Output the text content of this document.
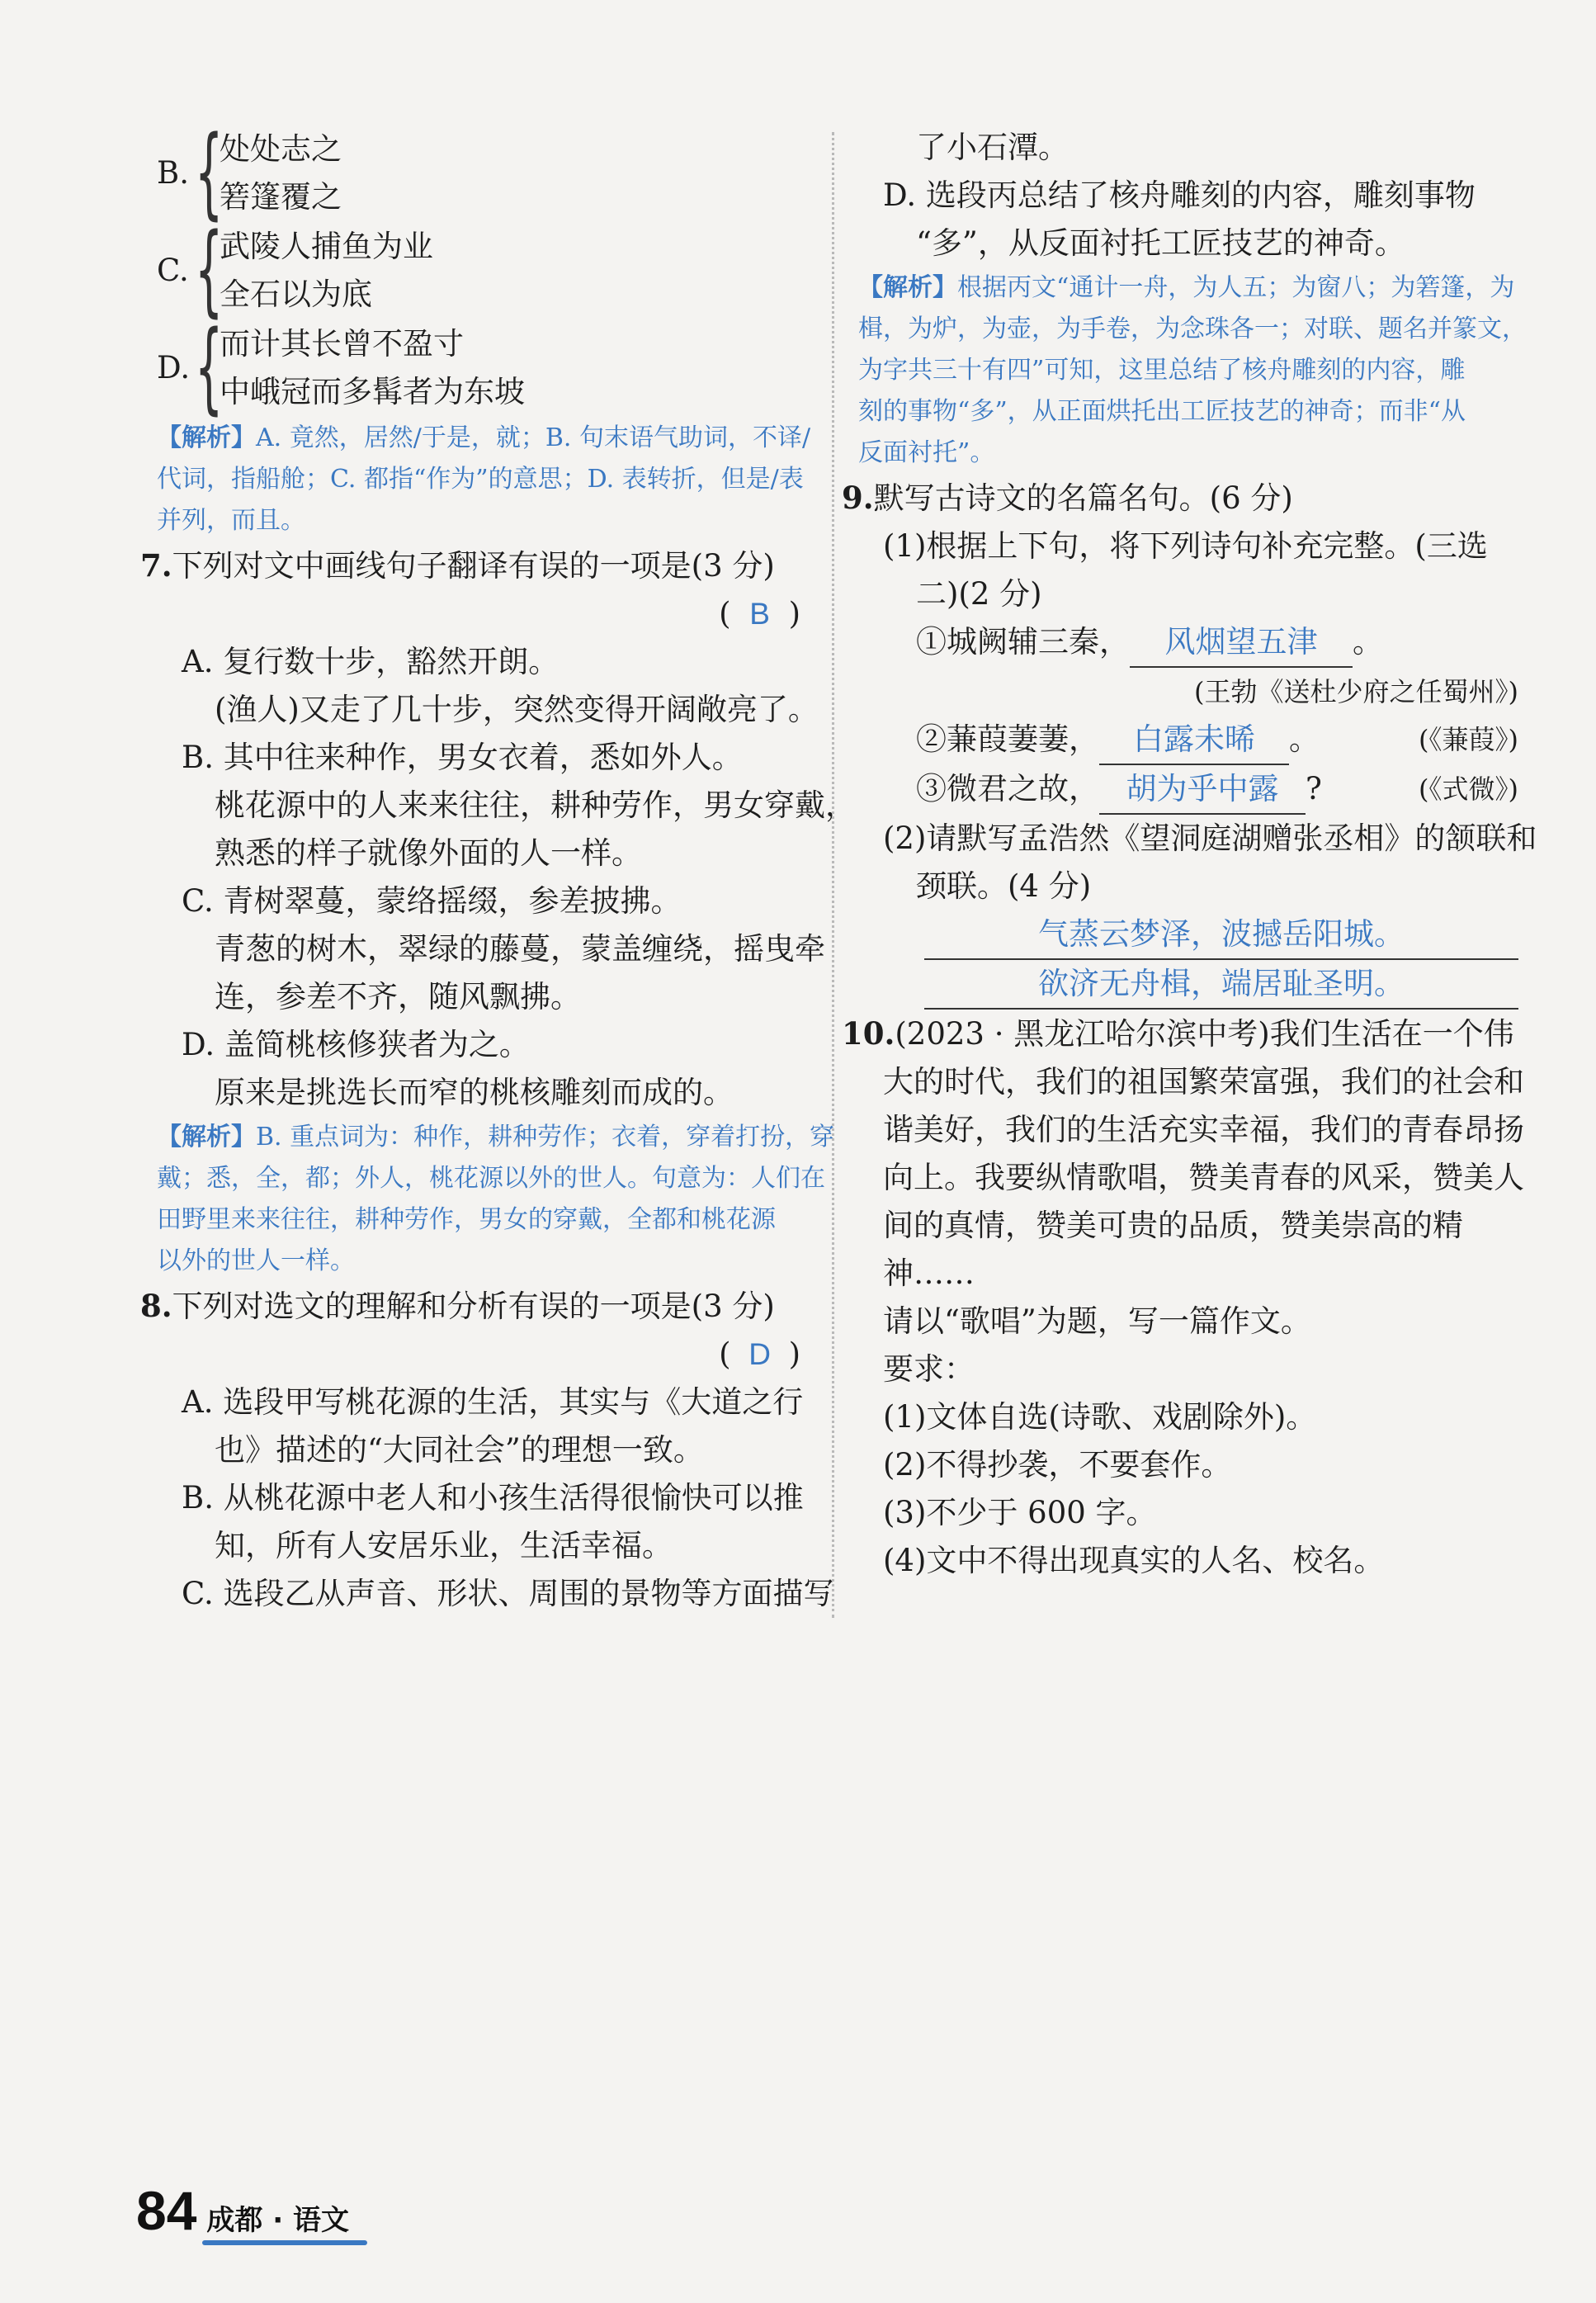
B. {
处处志之
箬篷覆之
C. {
武陵人捕鱼为业
全石以为底
D. {
而计其长曾不盈寸
中峨冠而多髯者为东坡
【解析】A. 竟然，居然/于是，就；B. 句末语气助词，不译/
代词，指船舱；C. 都指“作为”的意思；D. 表转折，但是/表
并列，而且。
7.下列对文中画线句子翻译有误的一项是(3 分)
( B )
A. 复行数十步，豁然开朗。
(渔人)又走了几十步，突然变得开阔敞亮了。
B. 其中往来种作，男女衣着，悉如外人。
桃花源中的人来来往往，耕种劳作，男女穿戴，
熟悉的样子就像外面的人一样。
C. 青树翠蔓，蒙络摇缀，参差披拂。
青葱的树木，翠绿的藤蔓，蒙盖缠绕，摇曳牵
连，参差不齐，随风飘拂。
D. 盖简桃核修狭者为之。
原来是挑选长而窄的桃核雕刻而成的。
【解析】B. 重点词为：种作，耕种劳作；衣着，穿着打扮，穿
戴；悉，全，都；外人，桃花源以外的世人。句意为：人们在
田野里来来往往，耕种劳作，男女的穿戴，全都和桃花源
以外的世人一样。
8.下列对选文的理解和分析有误的一项是(3 分)
( D )
A. 选段甲写桃花源的生活，其实与《大道之行
也》描述的“大同社会”的理想一致。
B. 从桃花源中老人和小孩生活得很愉快可以推
知，所有人安居乐业，生活幸福。
C. 选段乙从声音、形状、周围的景物等方面描写
了小石潭。
D. 选段丙总结了核舟雕刻的内容，雕刻事物
“多”，从反面衬托工匠技艺的神奇。
【解析】根据丙文“通计一舟，为人五；为窗八；为箬篷，为
楫，为炉，为壶，为手卷，为念珠各一；对联、题名并篆文，
为字共三十有四”可知，这里总结了核舟雕刻的内容，雕
刻的事物“多”，从正面烘托出工匠技艺的神奇；而非“从
反面衬托”。
9.默写古诗文的名篇名句。(6 分)
(1)根据上下句，将下列诗句补充完整。(三选
二)(2 分)
①城阙辅三秦， 风烟望五津 。
(王勃《送杜少府之任蜀州》)
②蒹葭萋萋， 白露未晞 。	(《蒹葭》)
③微君之故， 胡为乎中露 ?	(《式微》)
(2)请默写孟浩然《望洞庭湖赠张丞相》的颔联和
颈联。(4 分)
气蒸云梦泽，波撼岳阳城。
欲济无舟楫，端居耻圣明。
10.(2023 · 黑龙江哈尔滨中考)我们生活在一个伟
大的时代，我们的祖国繁荣富强，我们的社会和
谐美好，我们的生活充实幸福，我们的青春昂扬
向上。我要纵情歌唱，赞美青春的风采，赞美人
间的真情，赞美可贵的品质，赞美崇高的精
神……
请以“歌唱”为题，写一篇作文。
要求：
(1)文体自选(诗歌、戏剧除外)。
(2)不得抄袭，不要套作。
(3)不少于 600 字。
(4)文中不得出现真实的人名、校名。
84 成都 · 语文
